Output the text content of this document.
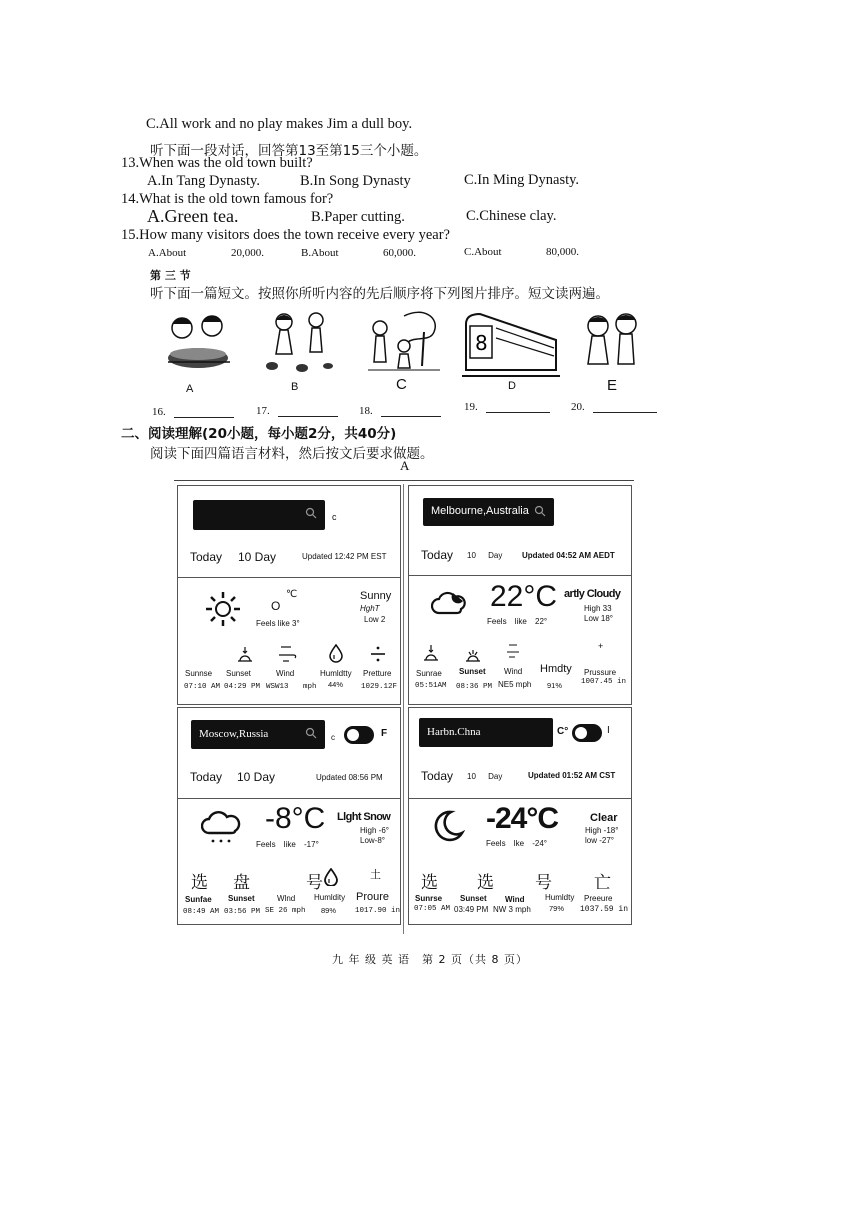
C.All work and no play makes Jim a dull boy.
听下面一段对话，回答第13至第15三个小题。
13.When was the old town built?
A.In Tang Dynasty.	B.In Song Dynasty	C.In Ming Dynasty.
14.What is the old town famous for?
A.Green tea.	B.Paper cutting.	C.Chinese clay.
15.How many visitors does the town receive every year?
A.About	20,000.	B.About	60,000.	C.About	80,000.
第 三 节
听下面一篇短文。按照你所听内容的先后顺序将下列图片排序。短文读两遍。
8
A	B	C	D	E
16.	17.	18.	19.	20.
二、阅读理解(20小题，每小题2分，共40分)
阅读下面四篇语言材料，然后按文后要求做题。
A
c
Today 10 Day	Updated 12:42 PM EST
O
℃
Feels like 3°
Sunny
HghT
Low 2
Sunnse Sunset	Wind	Humldtty Pretture
07:10 AM 04:29 PM WSW13 mph 44% 1029.12F
Melbourne,Australia
Today 10 Day Updated 04:52 AM AEDT
22°C
Feels like 22°
artly Cloudy
High 33
Low 18°
+
Sunrae Sunset Wind Hmdty Prussure
05:51AM 08:36 PM NE5 mph 91%	1007.45 in
Moscow,Russia	c	F
Today 10 Day	Updated 08:56 PM
-8°C
Feels like -17°
Llght Snow
High -6°
Low-8°
选 盘	号	土
Sunfae Sunset	Wlnd Humldity Proure
08:49 AM 03:56 PM SE 26 mph 89%	1017.90 in
Harbn.Chna	C°	I
Today 10 Day	Updated 01:52 AM CST
-24°C
Feels lke -24°
Clear
High -18°
low -27°
选 选 号 亡
Sunrse Sunset Wind	Humldty Preeure
07:05 AM 03:49 PM NW 3 mph 79% 1037.59 in
九 年 级 英 语　第 2 页（共 8 页）
